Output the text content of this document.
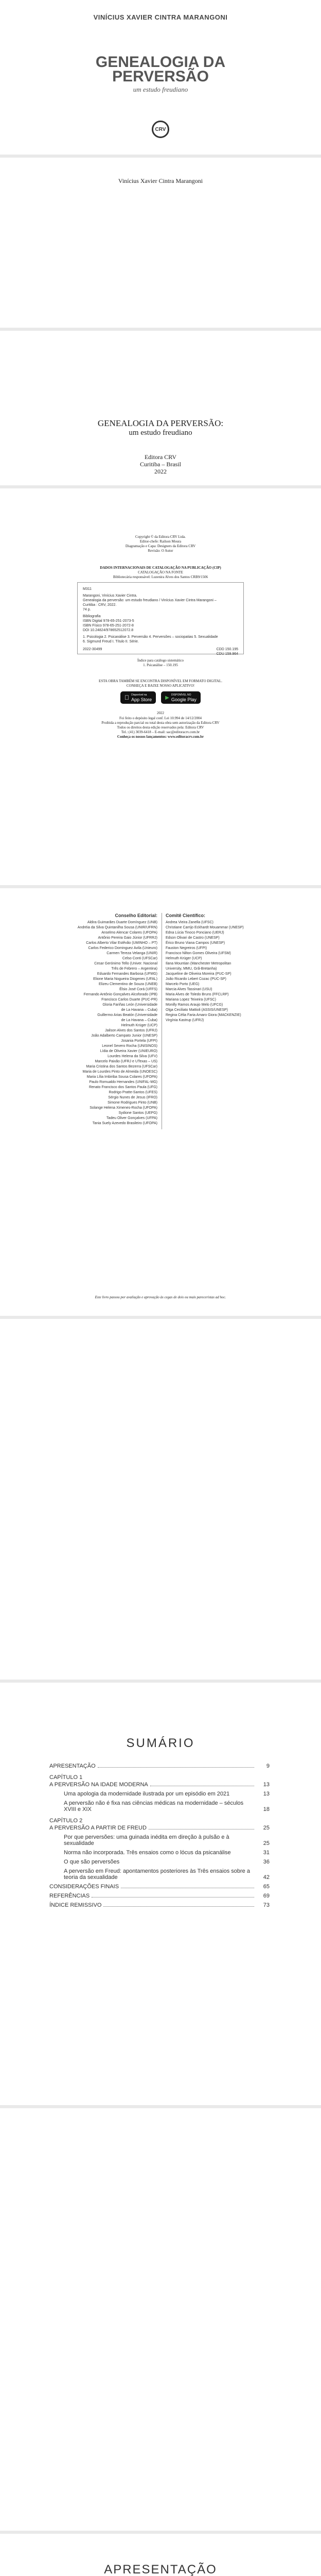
VINÍCIUS XAVIER CINTRA MARANGONI
GENEALOGIA DA
PERVERSÃO
um estudo freudiano
CRV
Vinícius Xavier Cintra Marangoni
GENEALOGIA DA PERVERSÃO:
um estudo freudiano
Editora CRV
Curitiba – Brasil
2022
Copyright © da Editora CRV Ltda.
Editor-chefe: Railson Moura
Diagramação e Capa: Designers da Editora CRV
Revisão: O Autor
DADOS INTERNACIONAIS DE CATALOGAÇÃO NA PUBLICAÇÃO (CIP)
CATALOGAÇÃO NA FONTE
Bibliotecária responsável: Luzenira Alves dos Santos CRB9/1506
M311
Marangoni, Vinícius Xavier Cintra.
Genealogia da perversão: um estudo freudiano / Vinícius Xavier Cintra Marangoni –
Curitiba : CRV, 2022.
74 p.
Bibliografia
ISBN Digital 978-65-251-2073-5
ISBN Físico 978-65-251-2072-8
DOI 10.24824/978652512072.8
1. Psicologia 2. Psicanálise 3. Perversão 4. Perversões – sociopatias 5. Sexualidade
6. Sigmund Freud I. Título II. Série.
2022-30499	CDD 150.195
CDU 159.964
Índice para catálogo sistemático
1. Psicanálise – 150.195
ESTA OBRA TAMBÉM SE ENCONTRA DISPONÍVEL EM FORMATO DIGITAL.
CONHEÇA E BAIXE NOSSO APLICATIVO!
Disponível na
App Store	▶ DISPONÍVEL NO
Google Play
2022
Foi feito o depósito legal conf. Lei 10.994 de 14/12/2004
Proibida a reprodução parcial ou total desta obra sem autorização da Editora CRV
Todos os direitos desta edição reservados pela: Editora CRV
Tel.: (41) 3039-6418 – E-mail: sac@editoracrv.com.br
Conheça os nossos lançamentos: www.editoracrv.com.br
Conselho Editorial:
Aldira Guimarães Duarte Domínguez (UNB)
Andréia da Silva Quintanilha Sousa (UNIR/UFRN)
Anselmo Alencar Colares (UFOPA)
Antônio Pereira Gaio Júnior (UFRRJ)
Carlos Alberto Vilar Estêvão (UMINHO – PT)
Carlos Federico Dominguez Avila (Unieuro)
Carmen Tereza Velanga (UNIR)
Celso Conti (UFSCar)
Cesar Gerónimo Tello (Univer. Nacional
Três de Febrero – Argentina)
Eduardo Fernandes Barbosa (UFMG)
Elione Maria Nogueira Diogenes (UFAL)
Elizeu Clementino de Souza (UNEB)
Élsio José Corá (UFFS)
Fernando Antônio Gonçalves Alcoforado (IPB)
Francisco Carlos Duarte (PUC-PR)
Gloria Fariñas León (Universidade
de La Havana – Cuba)
Guillermo Arias Beatón (Universidade
de La Havana – Cuba)
Helmuth Krüger (UCP)
Jailson Alves dos Santos (UFRJ)
João Adalberto Campato Junior (UNESP)
Josania Portela (UFPI)
Leonel Severo Rocha (UNISINOS)
Lídia de Oliveira Xavier (UNIEURO)
Lourdes Helena da Silva (UFV)
Marcelo Paixão (UFRJ e UTexas – US)
Maria Cristina dos Santos Bezerra (UFSCar)
Maria de Lourdes Pinto de Almeida (UNOESC)
Maria Lília Imbiriba Sousa Colares (UFOPA)
Paulo Romualdo Hernandes (UNIFAL-MG)
Renato Francisco dos Santos Paula (UFG)
Rodrigo Pratte-Santos (UFES)
Sérgio Nunes de Jesus (IFRO)
Simone Rodrigues Pinto (UNB)
Solange Helena Ximenes-Rocha (UFOPA)
Sydione Santos (UEPG)
Tadeu Oliver Gonçalves (UFPA)
Tania Suely Azevedo Brasileiro (UFOPA)
Comitê Científico:
Andrea Vieira Zanella (UFSC)
Christiane Carrijo Eckhardt Mouammar (UNESP)
Edna Lúcia Tinoco Ponciano (UERJ)
Edson Olivari de Castro (UNESP)
Érico Bruno Viana Campos (UNESP)
Fauston Negreiros (UFPI)
Francisco Nilton Gomes Oliveira (UFSM)
Helmuth Krüger (UCP)
Ilana Mountian (Manchester Metropolitan
University, MMU, Grã-Bretanha)
Jacqueline de Oliveira Moreira (PUC-SP)
João Ricardo Lebert Cozac (PUC-SP)
Marcelo Porto (UEG)
Marcia Alves Tassinari (USU)
Maria Alves de Toledo Bruns (FFCLRP)
Mariana Lopez Teixeira (UFSC)
Monilly Ramos Araujo Melo (UFCG)
Olga Ceciliato Mattioli (ASSIS/UNESP)
Regina Célia Faria Amaro Giora (MACKENZIE)
Virgínia Kastrup (UFRJ)
Este livro passou por avaliação e aprovação às cegas de dois ou mais pareceristas ad hoc.
SUMÁRIO
APRESENTAÇÃO	9
CAPÍTULO 1
A PERVERSÃO NA IDADE MODERNA	13
Uma apologia da modernidade ilustrada por um episódio em 2021	13
A perversão não é fixa nas ciências médicas na modernidade – séculos XVIII e XIX	18
CAPÍTULO 2
A PERVERSÃO A PARTIR DE FREUD	25
Por que perversões: uma guinada inédita em direção à pulsão e à sexualidade	25
Norma não incorporada. Três ensaios como o lócus da psicanálise	31
O que são perversões	36
A perversão em Freud: apontamentos posteriores às Três ensaios sobre a teoria da sexualidade	42
CONSIDERAÇÕES FINAIS	65
REFERÊNCIAS	69
ÍNDICE REMISSIVO	73
APRESENTAÇÃO
